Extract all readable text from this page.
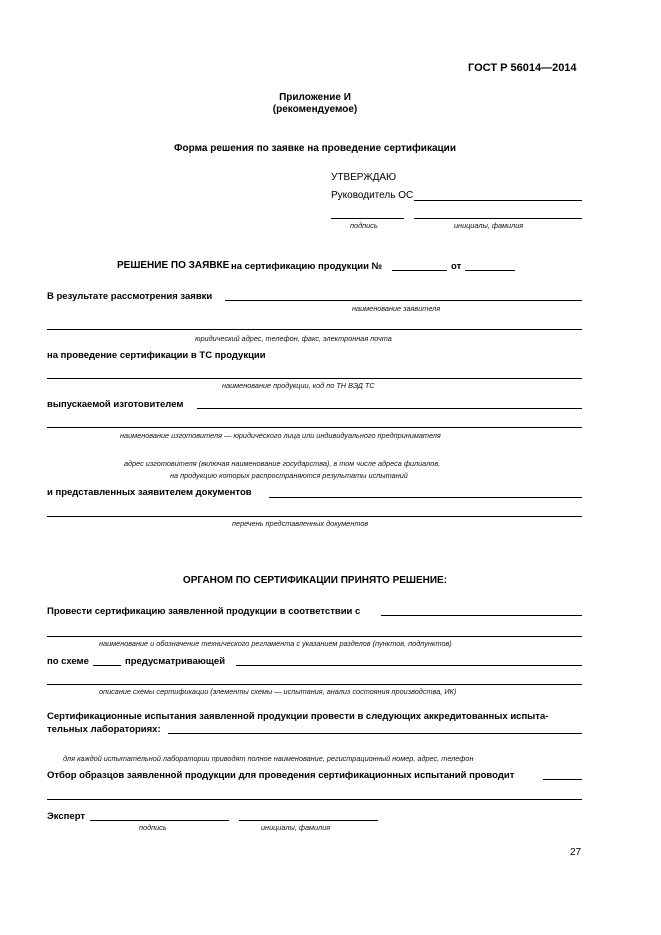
ГОСТ Р 56014—2014
Приложение И
(рекомендуемое)
Форма решения по заявке на проведение сертификации
УТВЕРЖДАЮ
Руководитель ОС
подпись	инициалы, фамилия
РЕШЕНИЕ ПО ЗАЯВКЕ на сертификацию продукции №	от
В результате рассмотрения заявки
наименование заявителя
юридический адрес, телефон, факс, электронная почта
на проведение сертификации в ТС продукции
наименование продукции, код по ТН ВЭД ТС
выпускаемой изготовителем
наименование изготовителя — юридического лица или индивидуального предпринимателя
адрес изготовителя (включая наименование государства), в том числе адреса филиалов,
на продукцию которых распространяются результаты испытаний
и представленных заявителем документов
перечень представленных документов
ОРГАНОМ ПО СЕРТИФИКАЦИИ ПРИНЯТО РЕШЕНИЕ:
Провести сертификацию заявленной продукции в соответствии с
наименование и обозначение технического регламента с указанием разделов (пунктов, подпунктов)
по схеме	предусматривающей
описание схемы сертификации (элементы схемы — испытания, анализ состояния производства, ИК)
Сертификационные испытания заявленной продукции провести в следующих аккредитованных испыта-
тельных лабораториях:
для каждой испытательной лаборатории приводят полное наименование, регистрационный номер, адрес, телефон
Отбор образцов заявленной продукции для проведения сертификационных испытаний проводит
Эксперт
подпись	инициалы, фамилия
27
